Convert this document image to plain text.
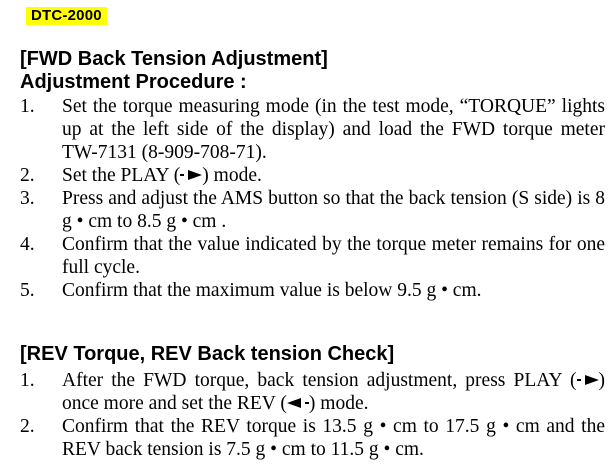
DTC-2000
[FWD Back Tension Adjustment]
Adjustment Procedure :
1. Set the torque measuring mode (in the test mode, “TORQUE” lights up at the left side of the display) and load the FWD torque meter TW-7131 (8-909-708-71).
2. Set the PLAY ( ) mode.
3. Press and adjust the AMS button so that the back tension (S side) is 8 g • cm to 8.5 g • cm .
4. Confirm that the value indicated by the torque meter remains for one full cycle.
5. Confirm that the maximum value is below 9.5 g • cm.
[REV Torque, REV Back tension Check]
1. After the FWD torque, back tension adjustment, press PLAY ( ) once more and set the REV ( ) mode.
2. Confirm that the REV torque is 13.5 g • cm to 17.5 g • cm and the REV back tension is 7.5 g • cm to 11.5 g • cm.
